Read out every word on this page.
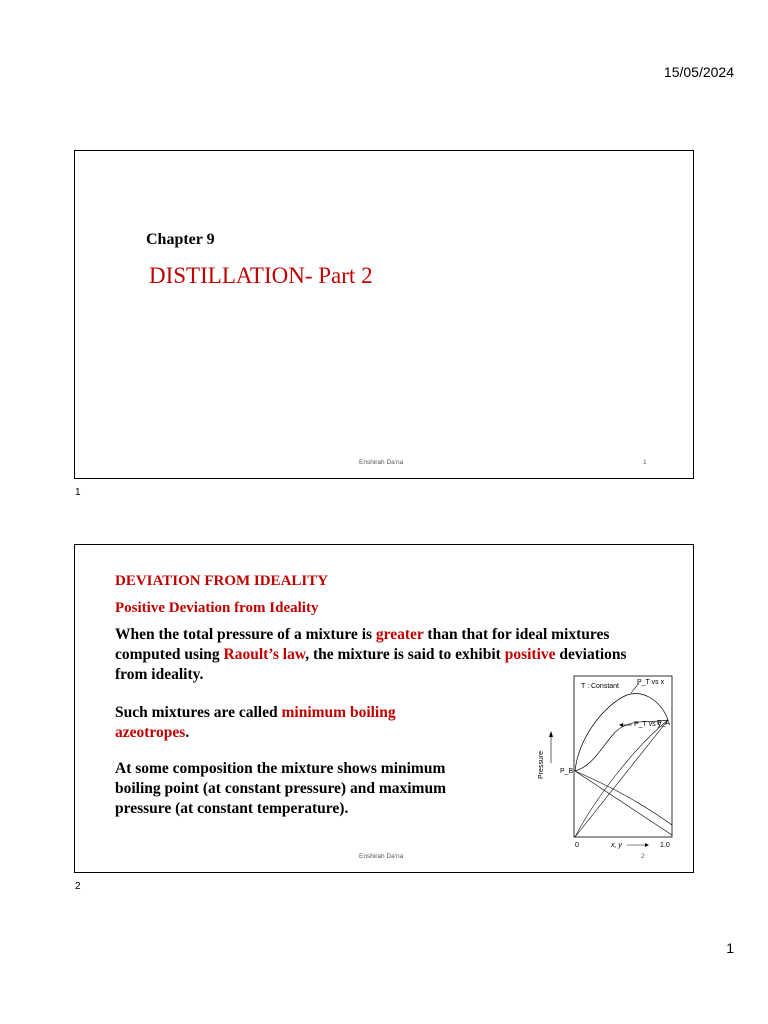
15/05/2024
Chapter 9
DISTILLATION- Part 2
Enshirah Da'na	1
1
DEVIATION FROM IDEALITY
Positive Deviation from Ideality
When the total pressure of a mixture is greater than that for ideal mixtures computed using Raoult’s law, the mixture is said to exhibit positive deviations from ideality.
Such mixtures are called minimum boiling azeotropes.
At some composition the mixture shows minimum boiling point (at constant pressure) and maximum pressure (at constant temperature).
T : Constant
P_T vs x
P_T vs y
P_A
P_B
Pressure
0	x, y	1.0
Enshirah Da'na	2
2
1
